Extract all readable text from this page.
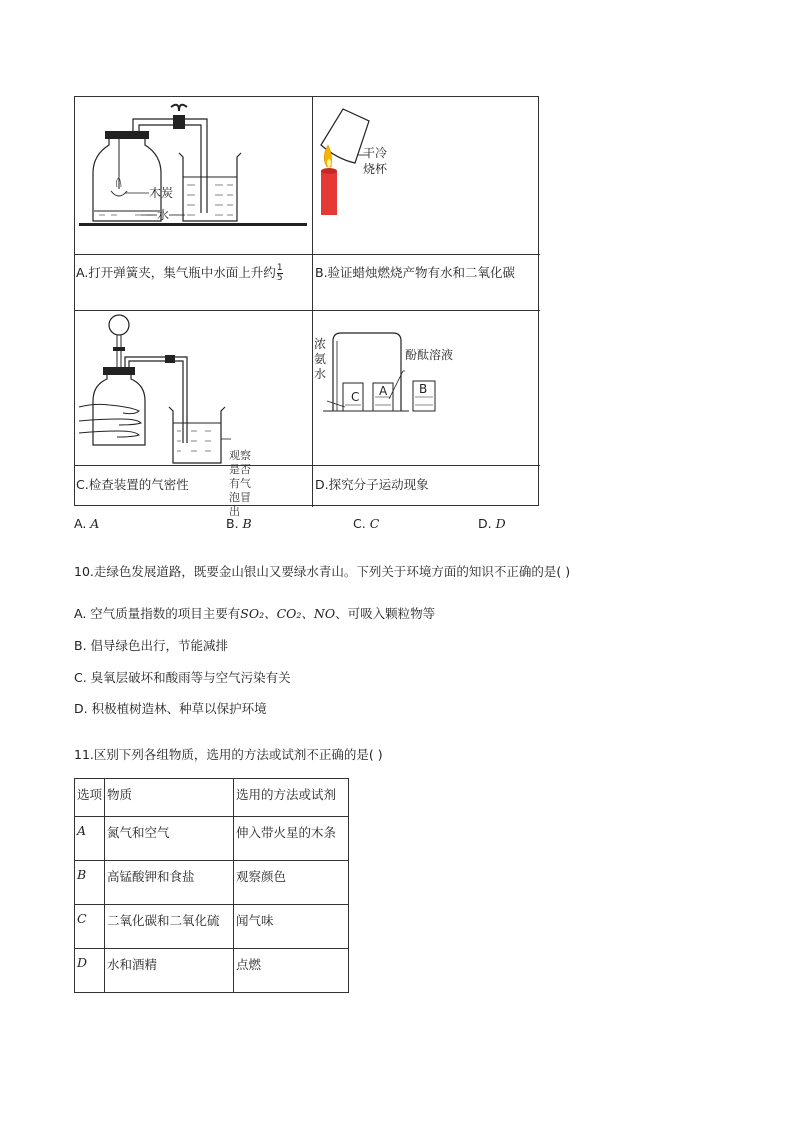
木炭
水
干冷
烧杯
A.打开弹簧夹，集气瓶中水面上升约 $\frac{1}{5}$	B.验证蜡烛燃烧产物有水和二氧化碳
观察
是否
有气
泡冒
出
C A	B
酚酞溶液
浓
氨
水
C.检查装置的气密性	D.探究分子运动现象
A. A	B. B	C. C	D. D
10.走绿色发展道路，既要金山银山又要绿水青山。下列关于环境方面的知识不正确的是( )
A. 空气质量指数的项目主要有SO₂、CO₂、NO、可吸入颗粒物等
B. 倡导绿色出行，节能减排
C. 臭氧层破坏和酸雨等与空气污染有关
D. 积极植树造林、种草以保护环境
11.区别下列各组物质，选用的方法或试剂不正确的是( )
选项	物质	选用的方法或试剂
A	氮气和空气	伸入带火星的木条
B	高锰酸钾和食盐	观察颜色
C	二氧化碳和二氧化硫	闻气味
D	水和酒精	点燃
